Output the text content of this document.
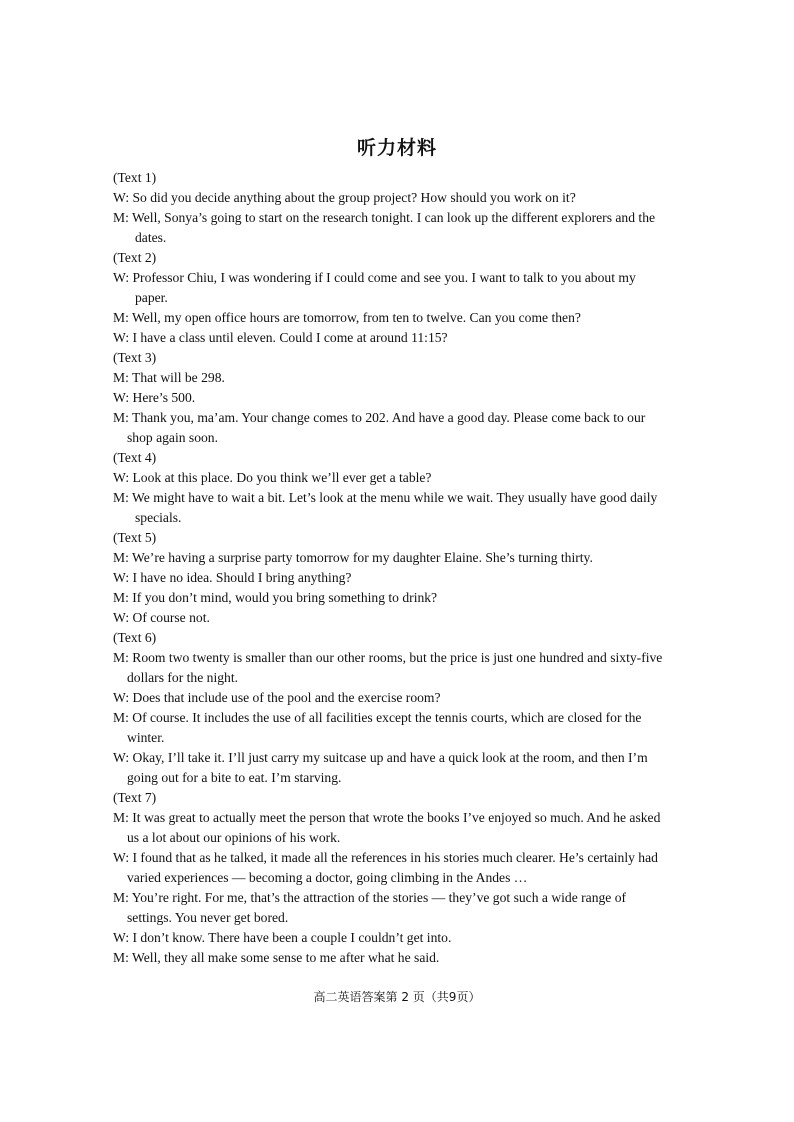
听力材料

(Text 1)

W: So did you decide anything about the group project? How should you work on it?

M: Well, Sonya’s going to start on the research tonight. I can look up the different explorers and the

dates.

(Text 2)

W: Professor Chiu, I was wondering if I could come and see you. I want to talk to you about my

paper.

M: Well, my open office hours are tomorrow, from ten to twelve. Can you come then?

W: I have a class until eleven. Could I come at around 11:15?

(Text 3)

M: That will be 298.

W: Here’s 500.

M: Thank you, ma’am. Your change comes to 202. And have a good day. Please come back to our

shop again soon.

(Text 4)

W: Look at this place. Do you think we’ll ever get a table?

M: We might have to wait a bit. Let’s look at the menu while we wait. They usually have good daily

specials.

(Text 5)

M: We’re having a surprise party tomorrow for my daughter Elaine. She’s turning thirty.

W: I have no idea. Should I bring anything?

M: If you don’t mind, would you bring something to drink?

W: Of course not.

(Text 6)

M: Room two twenty is smaller than our other rooms, but the price is just one hundred and sixty-five

dollars for the night.

W: Does that include use of the pool and the exercise room?

M: Of course. It includes the use of all facilities except the tennis courts, which are closed for the

winter.

W: Okay, I’ll take it. I’ll just carry my suitcase up and have a quick look at the room, and then I’m

going out for a bite to eat. I’m starving.

(Text 7)

M: It was great to actually meet the person that wrote the books I’ve enjoyed so much. And he asked

us a lot about our opinions of his work.

W: I found that as he talked, it made all the references in his stories much clearer. He’s certainly had

varied experiences — becoming a doctor, going climbing in the Andes …

M: You’re right. For me, that’s the attraction of the stories — they’ve got such a wide range of

settings. You never get bored.

W: I don’t know. There have been a couple I couldn’t get into.

M: Well, they all make some sense to me after what he said.

高二英语答案第 2 页（共9页）
